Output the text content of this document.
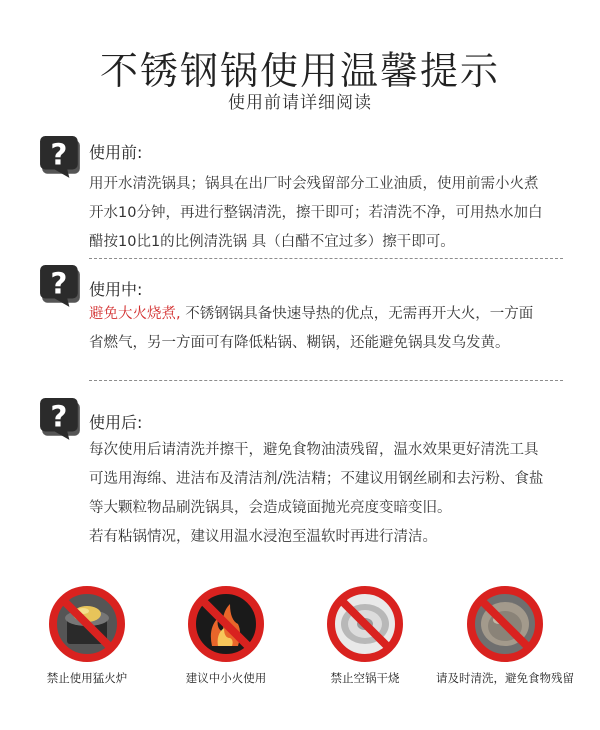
不锈钢锅使用温馨提示
使用前请详细阅读
使用前:
用开水清洗锅具；锅具在出厂时会残留部分工业油质，使用前需小火煮
开水10分钟，再进行整锅清洗，擦干即可；若清洗不净，可用热水加白
醋按10比1的比例清洗锅 具（白醋不宜过多）擦干即可。
使用中:
避免大火烧煮, 不锈钢锅具备快速导热的优点，无需再开大火，一方面
省燃气，另一方面可有降低粘锅、糊锅，还能避免锅具发乌发黄。
使用后:
每次使用后请清洗并擦干，避免食物油渍残留，温水效果更好清洗工具
可选用海绵、进洁布及清洁剂/洗洁精；不建议用钢丝刷和去污粉、食盐
等大颗粒物品刷洗锅具，会造成镜面抛光亮度变暗变旧。
若有粘锅情况，建议用温水浸泡至温软时再进行清洁。
禁止使用猛火炉	建议中小火使用	禁止空锅干烧	请及时清洗，避免食物残留
